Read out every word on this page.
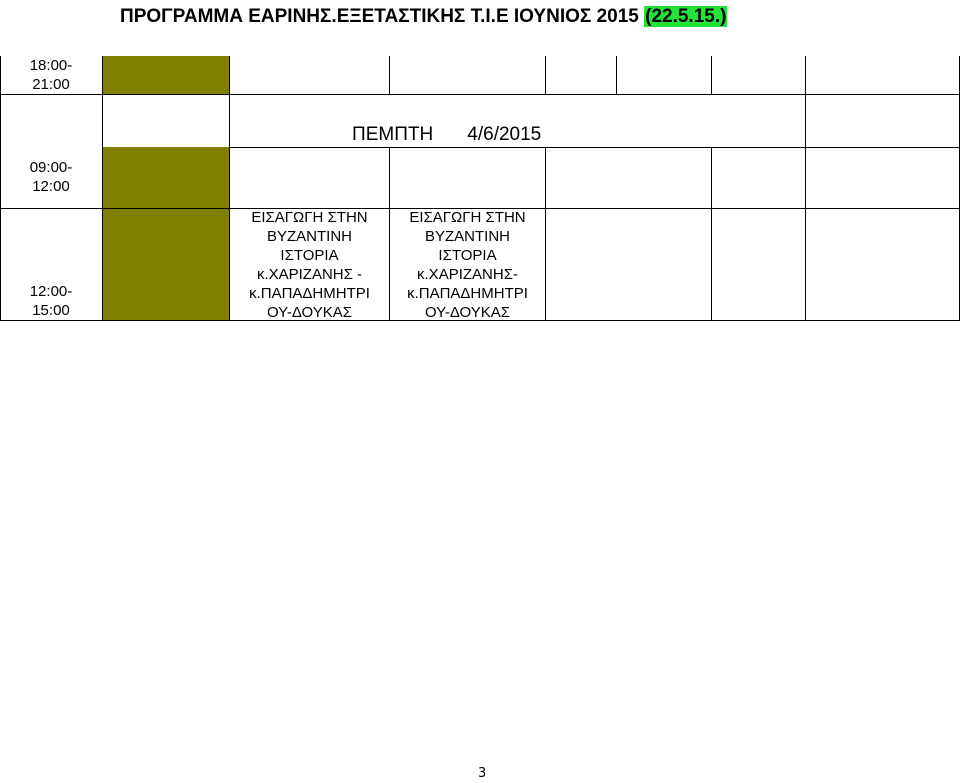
ΠΡΟΓΡΑΜΜΑ ΕΑΡΙΝΗΣ.ΕΞΕΤΑΣΤΙΚΗΣ Τ.Ι.Ε ΙΟΥΝΙΟΣ 2015 (22.5.15.)
18:00-
21:00
09:00-
12:00
12:00-
15:00
ΠΕΜΠΤΗ 4/6/2015
ΕΙΣΑΓΩΓΗ ΣΤΗΝ
ΒΥΖΑΝΤΙΝΗ
ΙΣΤΟΡΙΑ
κ.ΧΑΡΙΖΑΝΗΣ -
κ.ΠΑΠΑΔΗΜΗΤΡΙ
ΟΥ-ΔΟΥΚΑΣ
ΕΙΣΑΓΩΓΗ ΣΤΗΝ
ΒΥΖΑΝΤΙΝΗ
ΙΣΤΟΡΙΑ
κ.ΧΑΡΙΖΑΝΗΣ-
κ.ΠΑΠΑΔΗΜΗΤΡΙ
ΟΥ-ΔΟΥΚΑΣ
3
